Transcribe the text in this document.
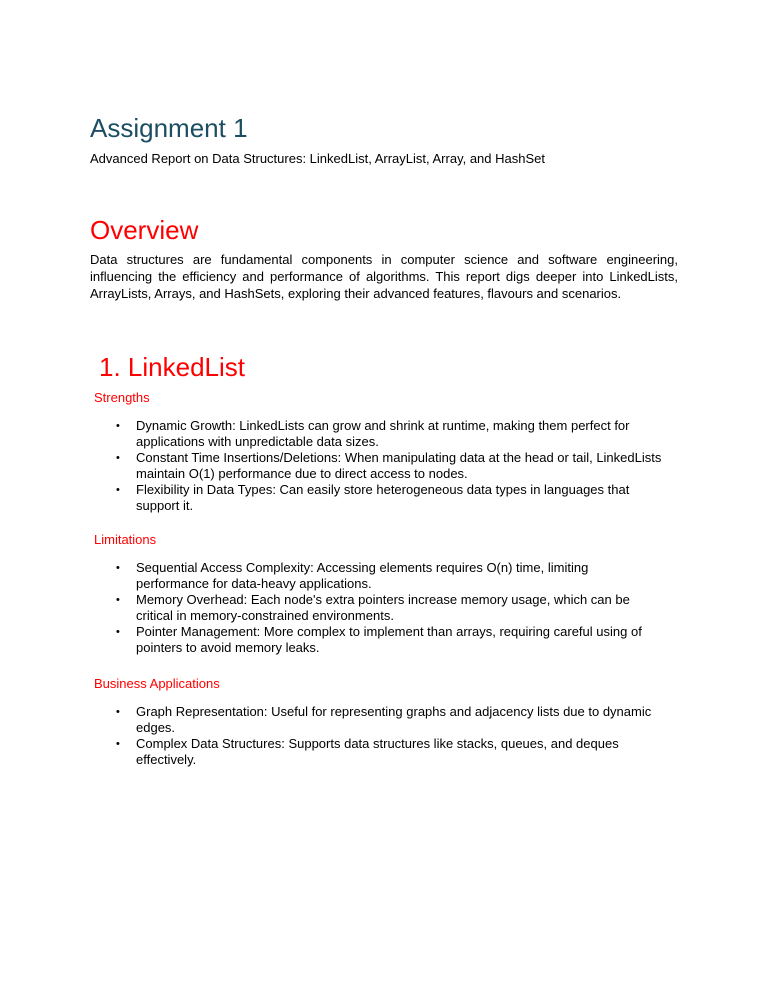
Assignment 1

Advanced Report on Data Structures: LinkedList, ArrayList, Array, and HashSet

Overview

Data structures are fundamental components in computer science and software engineering, influencing the efficiency and performance of algorithms. This report digs deeper into LinkedLists, ArrayLists, Arrays, and HashSets, exploring their advanced features, flavours and scenarios.

1. LinkedList
Strengths
•	Dynamic Growth: LinkedLists can grow and shrink at runtime, making them perfect for applications with unpredictable data sizes.
•	Constant Time Insertions/Deletions: When manipulating data at the head or tail, LinkedLists maintain O(1) performance due to direct access to nodes.
•	Flexibility in Data Types: Can easily store heterogeneous data types in languages that support it.
Limitations
•	Sequential Access Complexity: Accessing elements requires O(n) time, limiting performance for data-heavy applications.
•	Memory Overhead: Each node's extra pointers increase memory usage, which can be critical in memory-constrained environments.
•	Pointer Management: More complex to implement than arrays, requiring careful using of pointers to avoid memory leaks.
Business Applications
•	Graph Representation: Useful for representing graphs and adjacency lists due to dynamic edges.
•	Complex Data Structures: Supports data structures like stacks, queues, and deques effectively.
